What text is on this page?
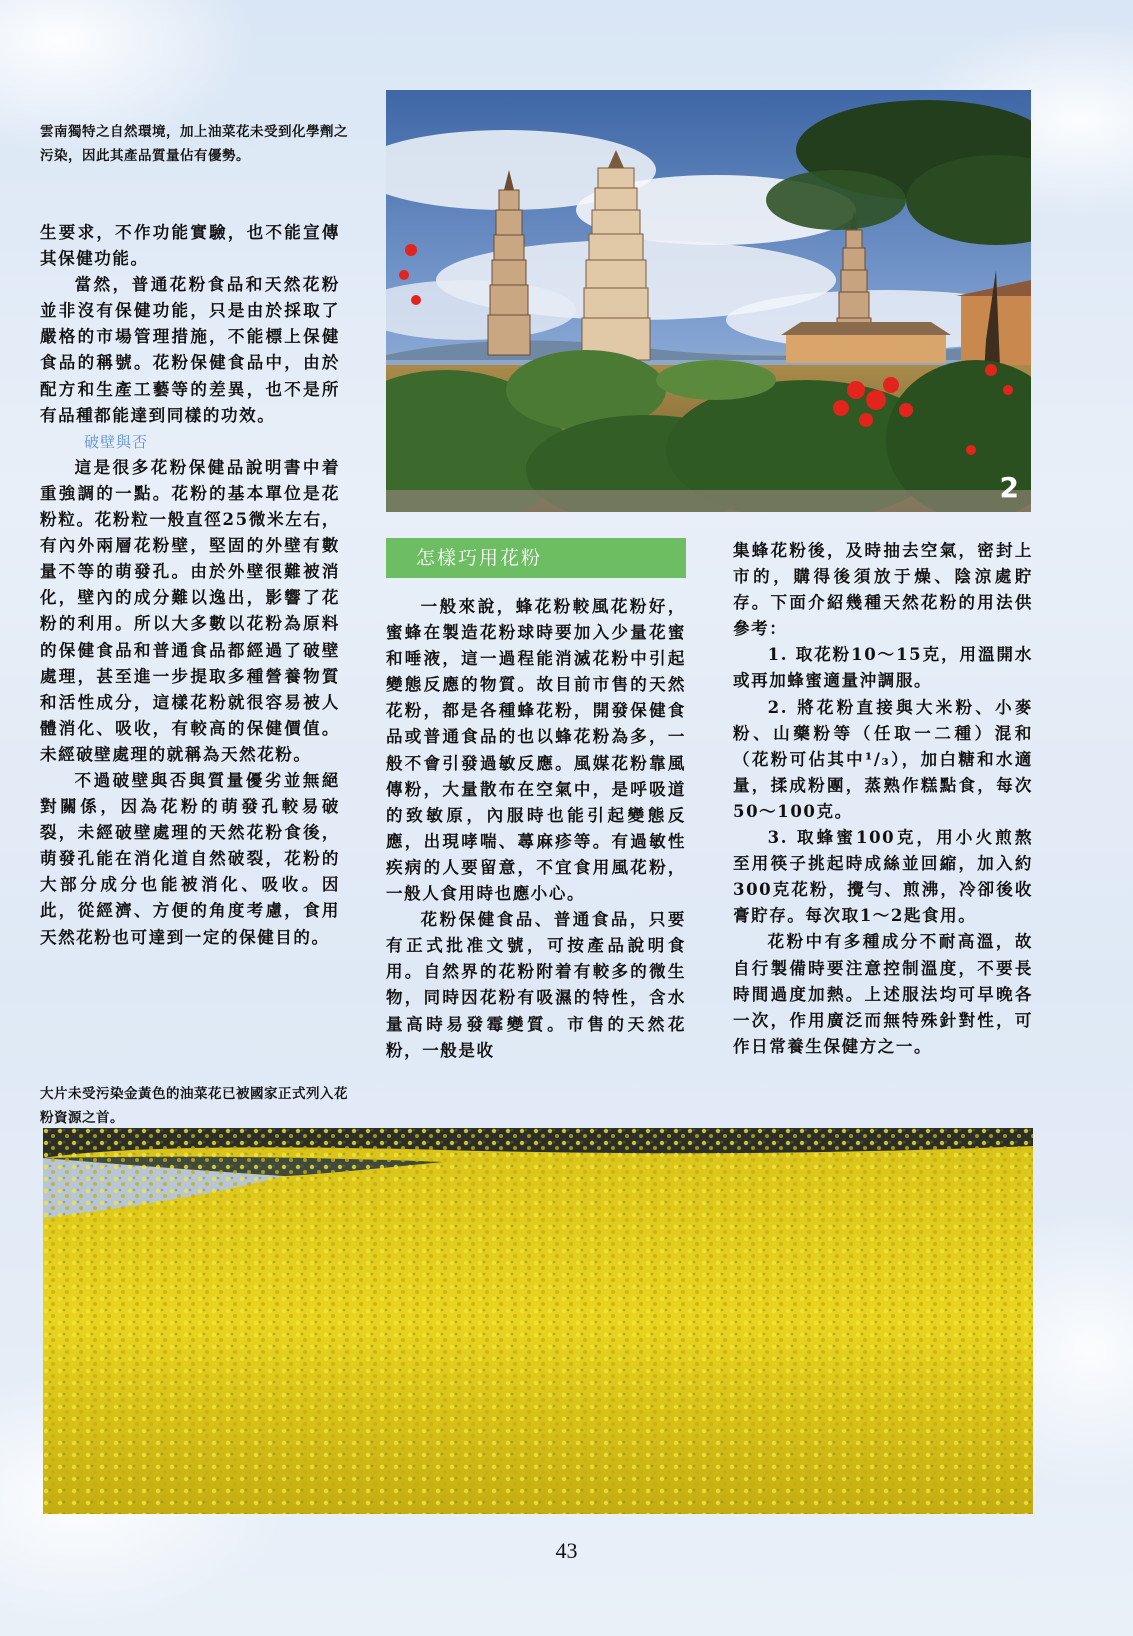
雲南獨特之自然環境，加上油菜花未受到化學劑之污染，因此其產品質量佔有優勢。

生要求，不作功能實驗，也不能宣傳其保健功能。

當然，普通花粉食品和天然花粉並非沒有保健功能，只是由於採取了嚴格的市場管理措施，不能標上保健食品的稱號。花粉保健食品中，由於配方和生產工藝等的差異，也不是所有品種都能達到同樣的功效。

破壁與否

這是很多花粉保健品說明書中着重強調的一點。花粉的基本單位是花粉粒。花粉粒一般直徑25微米左右，有內外兩層花粉壁，堅固的外壁有數量不等的萌發孔。由於外壁很難被消化，壁內的成分難以逸出，影響了花粉的利用。所以大多數以花粉為原料的保健食品和普通食品都經過了破壁處理，甚至進一步提取多種營養物質和活性成分，這樣花粉就很容易被人體消化、吸收，有較高的保健價值。未經破壁處理的就稱為天然花粉。

不過破壁與否與質量優劣並無絕對關係，因為花粉的萌發孔較易破裂，未經破壁處理的天然花粉食後，萌發孔能在消化道自然破裂，花粉的大部分成分也能被消化、吸收。因此，從經濟、方便的角度考慮，食用天然花粉也可達到一定的保健目的。

大片未受污染金黃色的油菜花已被國家正式列入花粉資源之首。
2
怎樣巧用花粉

一般來說，蜂花粉較風花粉好，蜜蜂在製造花粉球時要加入少量花蜜和唾液，這一過程能消滅花粉中引起變態反應的物質。故目前市售的天然花粉，都是各種蜂花粉，開發保健食品或普通食品的也以蜂花粉為多，一般不會引發過敏反應。風媒花粉靠風傳粉，大量散布在空氣中，是呼吸道的致敏原，內服時也能引起變態反應，出現哮喘、蕁麻疹等。有過敏性疾病的人要留意，不宜食用風花粉，一般人食用時也應小心。

花粉保健食品、普通食品，只要有正式批准文號，可按產品說明食用。自然界的花粉附着有較多的微生物，同時因花粉有吸濕的特性，含水量高時易發霉變質。市售的天然花粉，一般是收

集蜂花粉後，及時抽去空氣，密封上市的，購得後須放于燥、陰涼處貯存。下面介紹幾種天然花粉的用法供參考：

1. 取花粉10～15克，用溫開水或再加蜂蜜適量沖調服。

2. 將花粉直接與大米粉、小麥粉、山藥粉等（任取一二種）混和（花粉可佔其中¹/₃），加白糖和水適量，揉成粉團，蒸熟作糕點食，每次50～100克。

3. 取蜂蜜100克，用小火煎熬至用筷子挑起時成絲並回縮，加入約300克花粉，攪勻、煎沸，冷卻後收膏貯存。每次取1～2匙食用。

花粉中有多種成分不耐高溫，故自行製備時要注意控制溫度，不要長時間過度加熱。上述服法均可早晚各一次，作用廣泛而無特殊針對性，可作日常養生保健方之一。

43
